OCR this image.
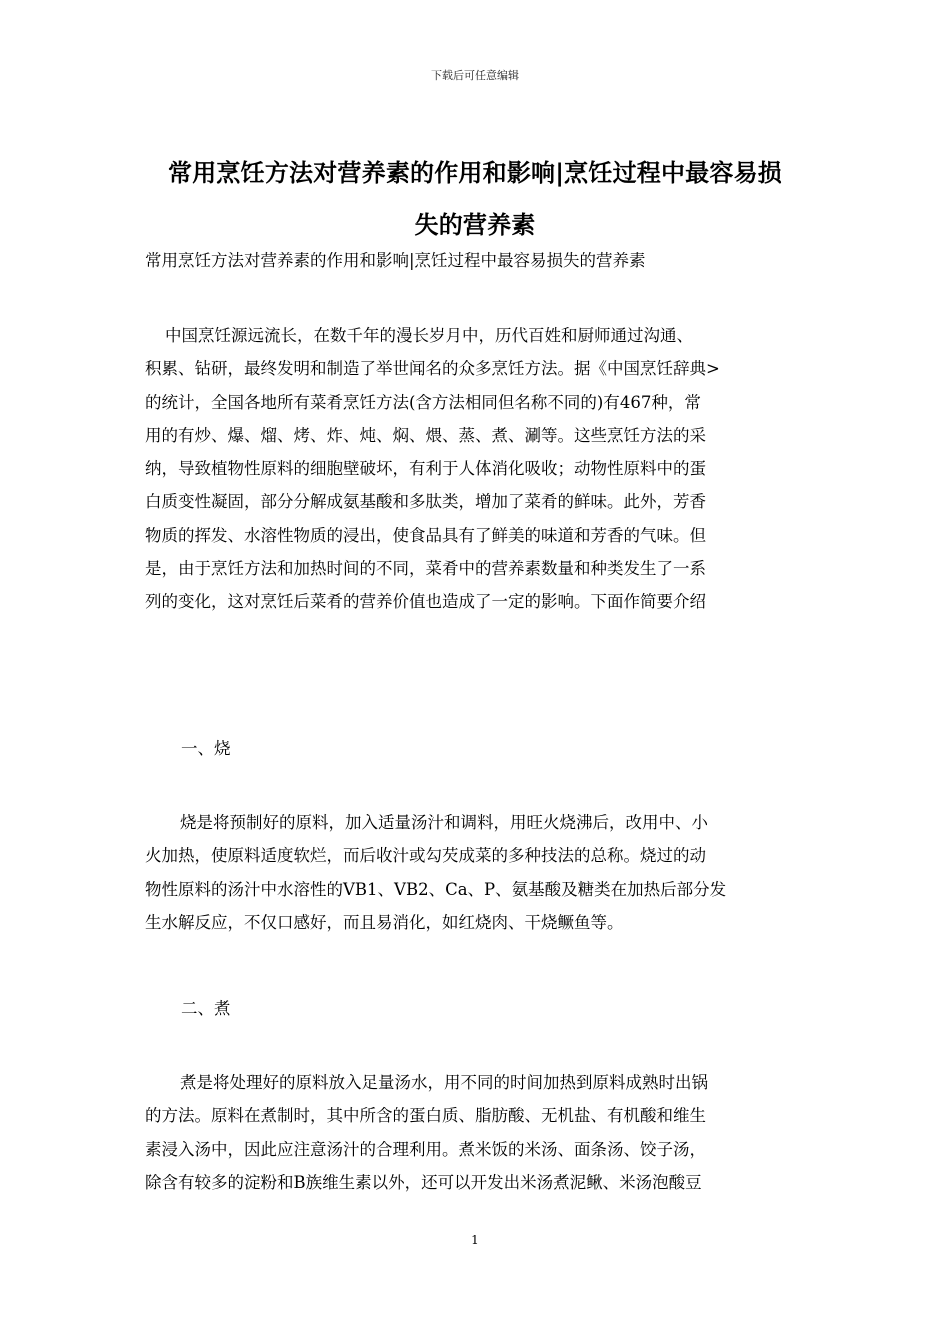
下载后可任意编辑
常用烹饪方法对营养素的作用和影响|烹饪过程中最容易损
失的营养素
常用烹饪方法对营养素的作用和影响|烹饪过程中最容易损失的营养素
中国烹饪源远流长，在数千年的漫长岁月中，历代百姓和厨师通过沟通、
积累、钻研，最终发明和制造了举世闻名的众多烹饪方法。据《中国烹饪辞典>
的统计，全国各地所有菜肴烹饪方法(含方法相同但名称不同的)有467种，常
用的有炒、爆、熘、烤、炸、炖、焖、煨、蒸、煮、涮等。这些烹饪方法的采
纳，导致植物性原料的细胞壁破坏，有利于人体消化吸收；动物性原料中的蛋
白质变性凝固，部分分解成氨基酸和多肽类，增加了菜肴的鲜味。此外，芳香
物质的挥发、水溶性物质的浸出，使食品具有了鲜美的味道和芳香的气味。但
是，由于烹饪方法和加热时间的不同，菜肴中的营养素数量和种类发生了一系
列的变化，这对烹饪后菜肴的营养价值也造成了一定的影响。下面作简要介绍
一、烧
烧是将预制好的原料，加入适量汤汁和调料，用旺火烧沸后，改用中、小
火加热，使原料适度软烂，而后收汁或勾芡成菜的多种技法的总称。烧过的动
物性原料的汤汁中水溶性的VB1、VB2、Ca、P、氨基酸及糖类在加热后部分发
生水解反应，不仅口感好，而且易消化，如红烧肉、干烧鳜鱼等。
二、煮
煮是将处理好的原料放入足量汤水，用不同的时间加热到原料成熟时出锅
的方法。原料在煮制时，其中所含的蛋白质、脂肪酸、无机盐、有机酸和维生
素浸入汤中，因此应注意汤汁的合理利用。煮米饭的米汤、面条汤、饺子汤，
除含有较多的淀粉和B族维生素以外，还可以开发出米汤煮泥鳅、米汤泡酸豆
1
